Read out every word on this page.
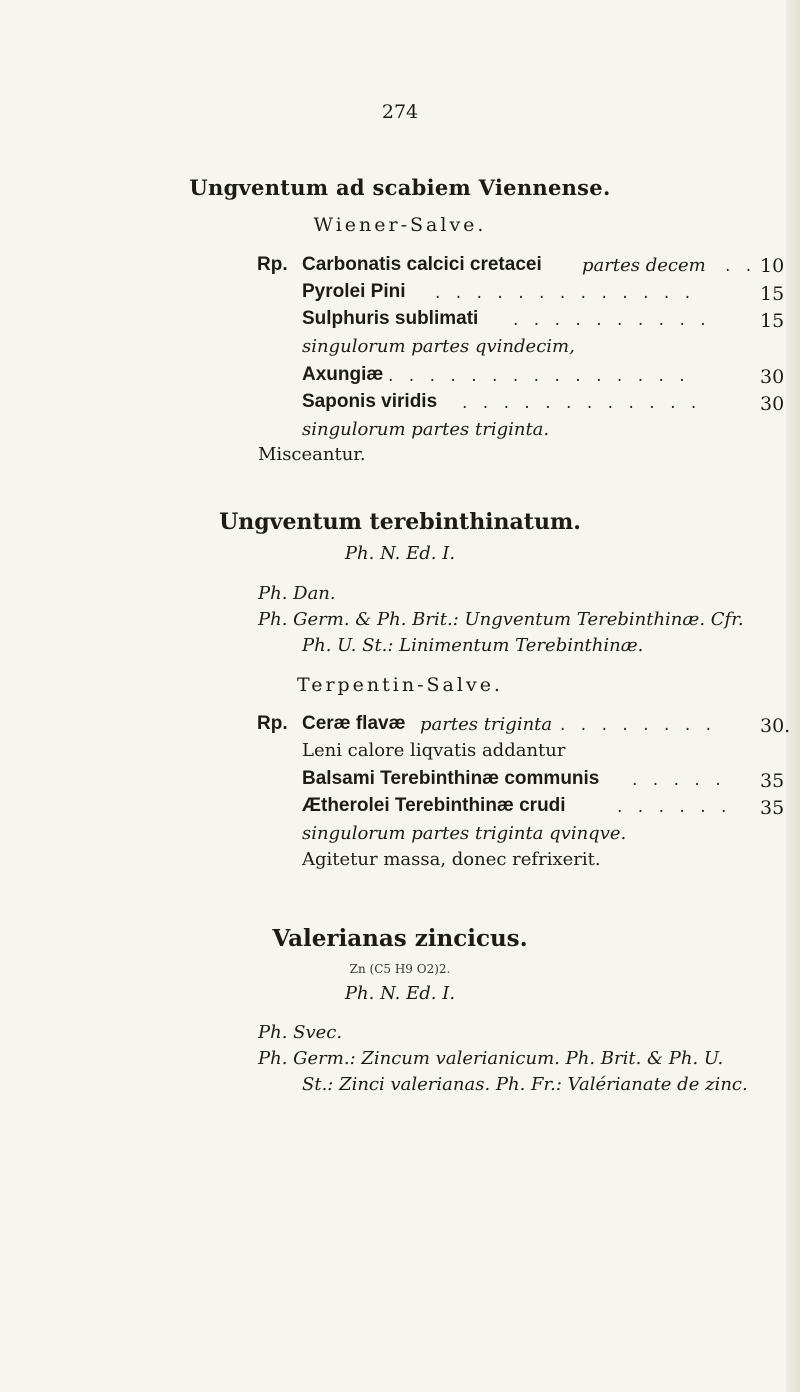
274
Ungventum ad scabiem Viennense.
Wiener-Salve.
Rp. Carbonatis calcici cretacei partes decem . . 10
Pyrolei Pini . . . . . . . . . . . . .	15
Sulphuris sublimati . . . . . . . . . .	15
singulorum partes qvindecim,
Axungiæ . . . . . . . . . . . . . . .	30
Saponis viridis . . . . . . . . . . . .	30
singulorum partes triginta.
Misceantur.
Ungventum terebinthinatum.
Ph. N. Ed. I.
Ph. Dan.
Ph. Germ. & Ph. Brit.: Ungventum Terebinthinæ. Cfr.
Ph. U. St.: Linimentum Terebinthinæ.
Terpentin-Salve.
Rp. Ceræ flavæ partes triginta . . . . . . . .	30.
Leni calore liqvatis addantur
Balsami Terebinthinæ communis . . . . .	35
Ætherolei Terebinthinæ crudi	. . . . . .	35
singulorum partes triginta qvinqve.
Agitetur massa, donec refrixerit.
Valerianas zincicus.
Zn (C5 H9 O2)2.
Ph. N. Ed. I.
Ph. Svec.
Ph. Germ.: Zincum valerianicum. Ph. Brit. & Ph. U.
St.: Zinci valerianas. Ph. Fr.: Valérianate de zinc.
